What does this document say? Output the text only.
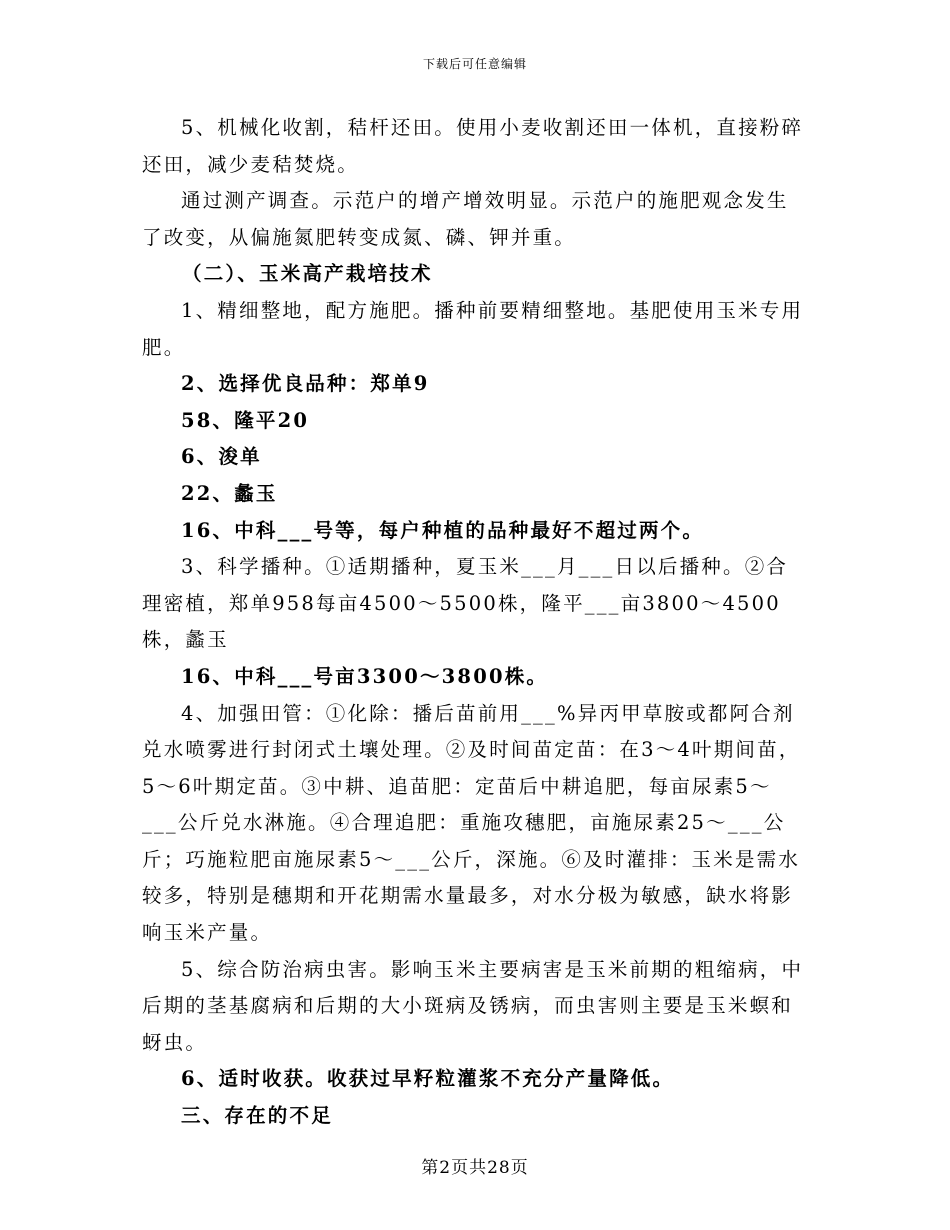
下载后可任意编辑

5、机械化收割，秸杆还田。使用小麦收割还田一体机，直接粉碎还田，减少麦秸焚烧。

通过测产调查。示范户的增产增效明显。示范户的施肥观念发生了改变，从偏施氮肥转变成氮、磷、钾并重。

（二）、玉米高产栽培技术

1、精细整地，配方施肥。播种前要精细整地。基肥使用玉米专用肥。

2、选择优良品种：郑单9

58、隆平20

6、浚单

22、蠡玉

16、中科___号等，每户种植的品种最好不超过两个。

3、科学播种。①适期播种，夏玉米___月___日以后播种。②合理密植，郑单958每亩4500～5500株，隆平___亩3800～4500株，蠡玉

16、中科___号亩3300～3800株。

4、加强田管：①化除：播后苗前用___%异丙甲草胺或都阿合剂兑水喷雾进行封闭式土壤处理。②及时间苗定苗：在3～4叶期间苗，5～6叶期定苗。③中耕、追苗肥：定苗后中耕追肥，每亩尿素5～___公斤兑水淋施。④合理追肥：重施攻穗肥，亩施尿素25～___公斤；巧施粒肥亩施尿素5～___公斤，深施。⑥及时灌排：玉米是需水较多，特别是穗期和开花期需水量最多，对水分极为敏感，缺水将影响玉米产量。

5、综合防治病虫害。影响玉米主要病害是玉米前期的粗缩病，中后期的茎基腐病和后期的大小斑病及锈病，而虫害则主要是玉米螟和蚜虫。

6、适时收获。收获过早籽粒灌浆不充分产量降低。

三、存在的不足

第2页共28页
